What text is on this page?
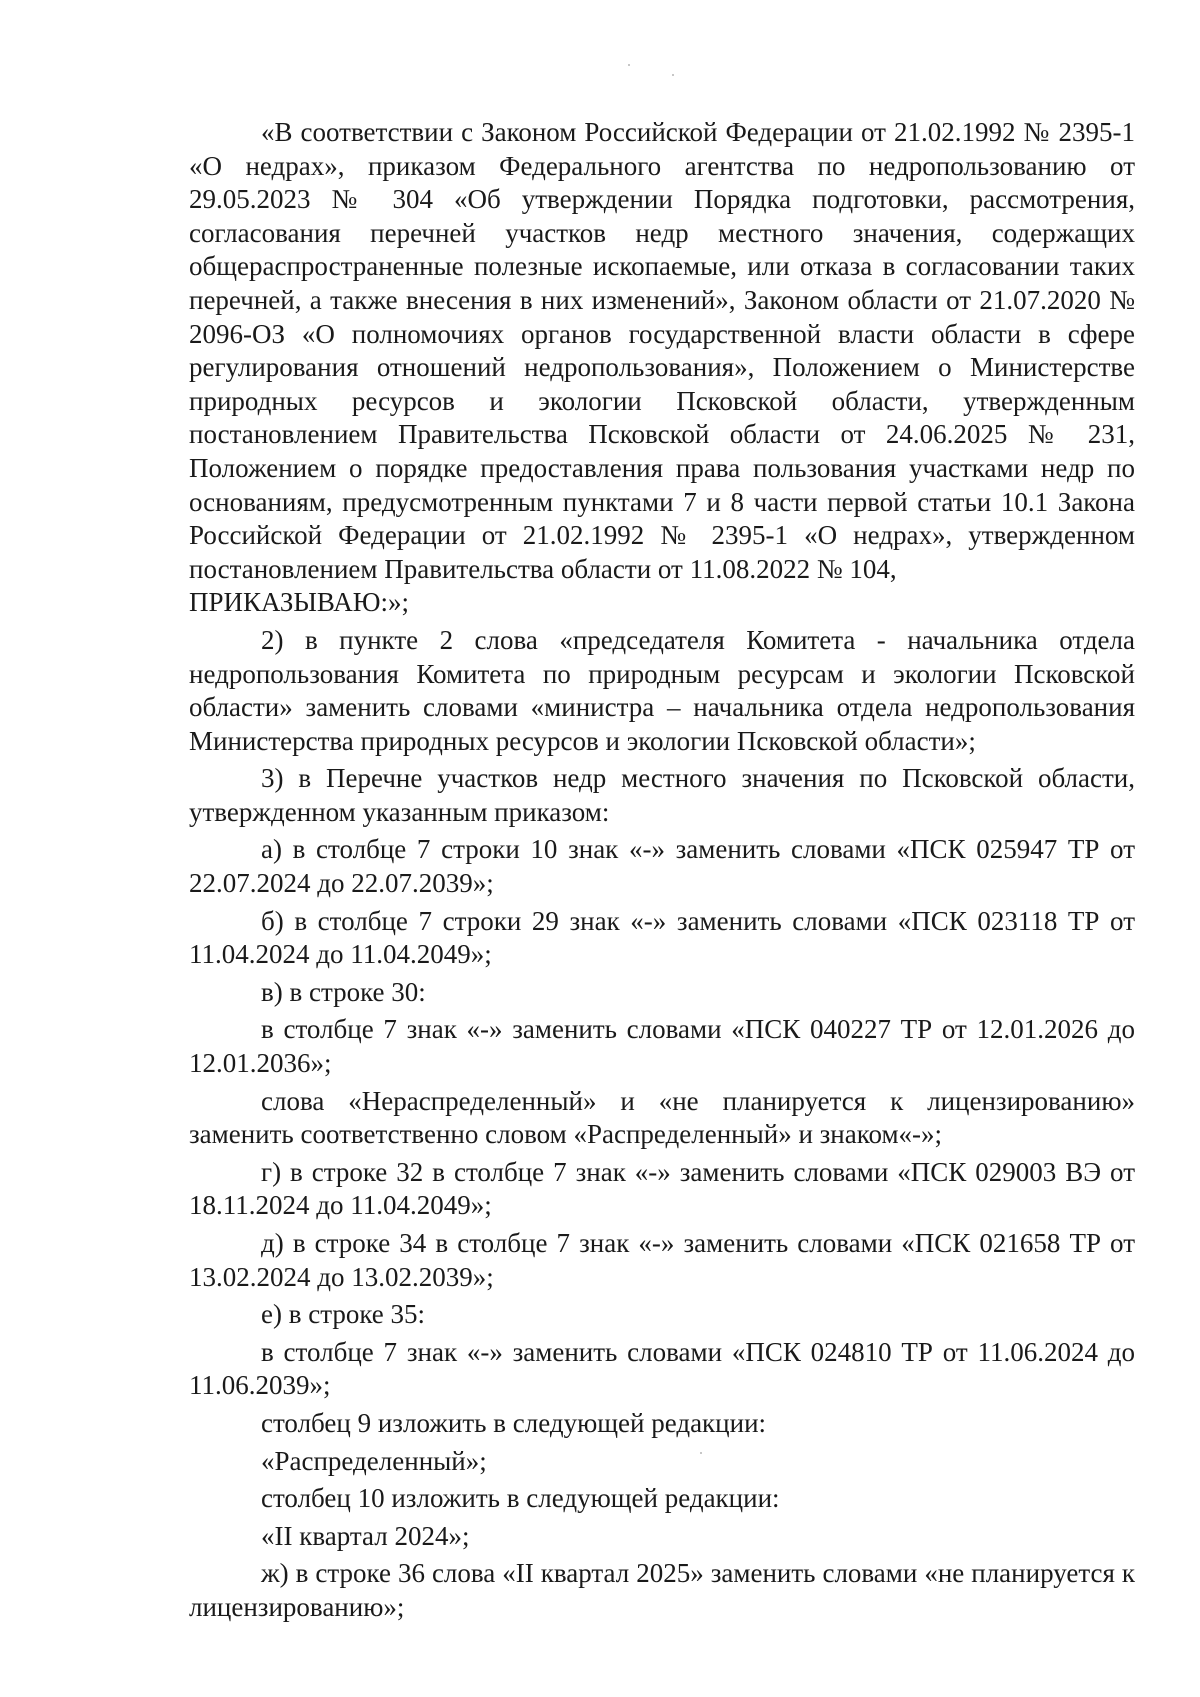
«В соответствии с Законом Российской Федерации от 21.02.1992 № 2395-1 «О недрах», приказом Федерального агентства по недропользованию от 29.05.2023 № 304 «Об утверждении Порядка подготовки, рассмотрения, согласования перечней участков недр местного значения, содержащих общераспространенные полезные ископаемые, или отказа в согласовании таких перечней, а также внесения в них изменений», Законом области от 21.07.2020 № 2096-ОЗ «О полномочиях органов государственной власти области в сфере регулирования отношений недропользования», Положением о Министерстве природных ресурсов и экологии Псковской области, утвержденным постановлением Правительства Псковской области от 24.06.2025 № 231, Положением о порядке предоставления права пользования участками недр по основаниям, предусмотренным пунктами 7 и 8 части первой статьи 10.1 Закона Российской Федерации от 21.02.1992 № 2395-1 «О недрах», утвержденном постановлением Правительства области от 11.08.2022 № 104,

ПРИКАЗЫВАЮ:»;

2) в пункте 2 слова «председателя Комитета - начальника отдела недропользования Комитета по природным ресурсам и экологии Псковской области» заменить словами «министра – начальника отдела недропользования Министерства природных ресурсов и экологии Псковской области»;

3) в Перечне участков недр местного значения по Псковской области, утвержденном указанным приказом:

а) в столбце 7 строки 10 знак «-» заменить словами «ПСК 025947 ТР от 22.07.2024 до 22.07.2039»;

б) в столбце 7 строки 29 знак «-» заменить словами «ПСК 023118 ТР от 11.04.2024 до 11.04.2049»;

в) в строке 30:

в столбце 7 знак «-» заменить словами «ПСК 040227 ТР от 12.01.2026 до 12.01.2036»;

слова «Нераспределенный» и «не планируется к лицензированию» заменить соответственно словом «Распределенный» и знаком«-»;

г) в строке 32 в столбце 7 знак «-» заменить словами «ПСК 029003 ВЭ от 18.11.2024 до 11.04.2049»;

д) в строке 34 в столбце 7 знак «-» заменить словами «ПСК 021658 ТР от 13.02.2024 до 13.02.2039»;

е) в строке 35:

в столбце 7 знак «-» заменить словами «ПСК 024810 ТР от 11.06.2024 до 11.06.2039»;

столбец 9 изложить в следующей редакции:

«Распределенный»;

столбец 10 изложить в следующей редакции:

«II квартал 2024»;

ж) в строке 36 слова «II квартал 2025» заменить словами «не планируется к лицензированию»;
